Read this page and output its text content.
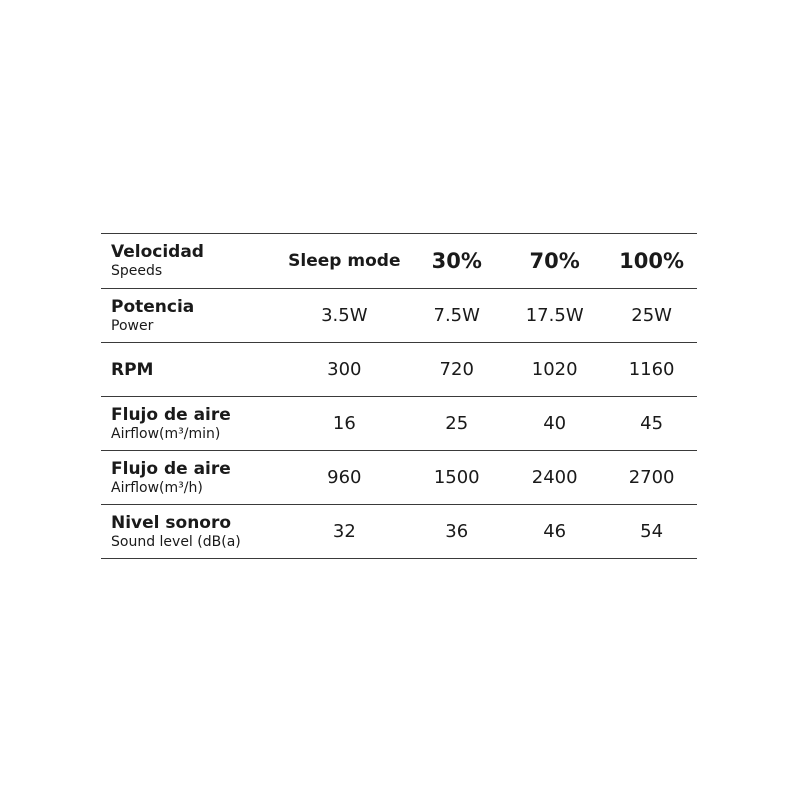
Velocidad
Speeds	Sleep mode	30%	70%	100%

Potencia
Power	3.5W	7.5W	17.5W	25W

RPM	300	720	1020	1160

Flujo de aire
Airflow(m³/min)	16	25	40	45

Flujo de aire
Airflow(m³/h)	960	1500	2400	2700

Nivel sonoro
Sound level (dB(a)	32	36	46	54
